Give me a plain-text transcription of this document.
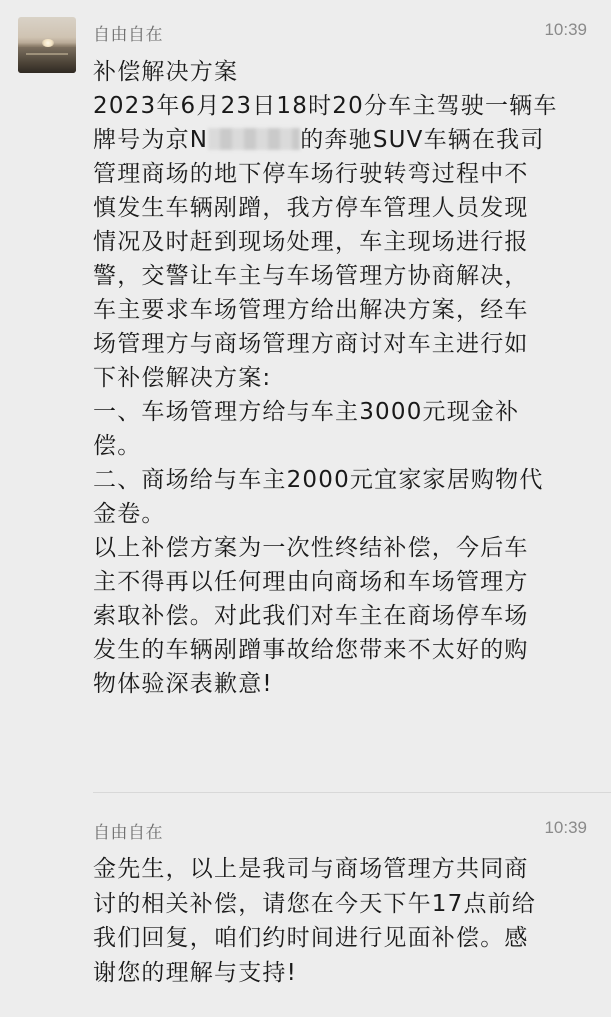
自由自在	10:39
补偿解决方案
2023年6月23日18时20分车主驾驶一辆车
牌号为京N	的奔驰SUV车辆在我司
管理商场的地下停车场行驶转弯过程中不
慎发生车辆剐蹭，我方停车管理人员发现
情况及时赶到现场处理，车主现场进行报
警，交警让车主与车场管理方协商解决，
车主要求车场管理方给出解决方案，经车
场管理方与商场管理方商讨对车主进行如
下补偿解决方案:
一、车场管理方给与车主3000元现金补
偿。
二、商场给与车主2000元宜家家居购物代
金卷。
以上补偿方案为一次性终结补偿，今后车
主不得再以任何理由向商场和车场管理方
索取补偿。对此我们对车主在商场停车场
发生的车辆剐蹭事故给您带来不太好的购
物体验深表歉意!
自由自在	10:39
金先生，以上是我司与商场管理方共同商
讨的相关补偿，请您在今天下午17点前给
我们回复，咱们约时间进行见面补偿。感
谢您的理解与支持!
